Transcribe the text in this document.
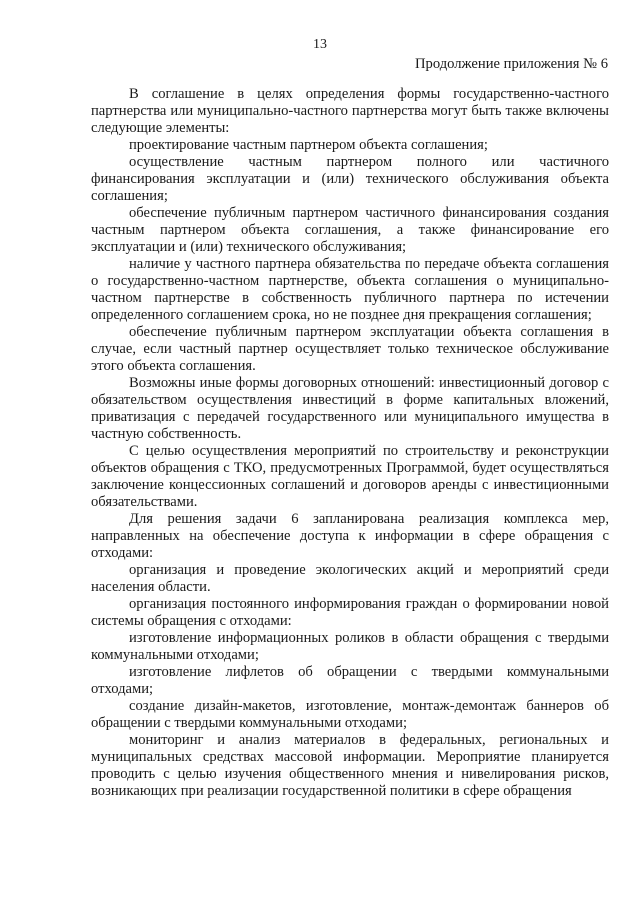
13
Продолжение приложения № 6

В соглашение в целях определения формы государственно-частного партнерства или муниципально-частного партнерства могут быть также включены следующие элементы:

проектирование частным партнером объекта соглашения;

осуществление частным партнером полного или частичного финансирования эксплуатации и (или) технического обслуживания объекта соглашения;

обеспечение публичным партнером частичного финансирования создания частным партнером объекта соглашения, а также финансирование его эксплуатации и (или) технического обслуживания;

наличие у частного партнера обязательства по передаче объекта соглашения о государственно-частном партнерстве, объекта соглашения о муниципально-частном партнерстве в собственность публичного партнера по истечении определенного соглашением срока, но не позднее дня прекращения соглашения;

обеспечение публичным партнером эксплуатации объекта соглашения в случае, если частный партнер осуществляет только техническое обслуживание этого объекта соглашения.

Возможны иные формы договорных отношений: инвестиционный договор с обязательством осуществления инвестиций в форме капитальных вложений, приватизация с передачей государственного или муниципального имущества в частную собственность.

С целью осуществления мероприятий по строительству и реконструкции объектов обращения с ТКО, предусмотренных Программой, будет осуществляться заключение концессионных соглашений и договоров аренды с инвестиционными обязательствами.

Для решения задачи 6 запланирована реализация комплекса мер, направленных на обеспечение доступа к информации в сфере обращения с отходами:

организация и проведение экологических акций и мероприятий среди населения области.

организация постоянного информирования граждан о формировании новой системы обращения с отходами:

изготовление информационных роликов в области обращения с твердыми коммунальными отходами;

изготовление лифлетов об обращении с твердыми коммунальными отходами;

создание дизайн-макетов, изготовление, монтаж-демонтаж баннеров об обращении с твердыми коммунальными отходами;

мониторинг и анализ материалов в федеральных, региональных и муниципальных средствах массовой информации. Мероприятие планируется проводить с целью изучения общественного мнения и нивелирования рисков, возникающих при реализации государственной политики в сфере обращения
